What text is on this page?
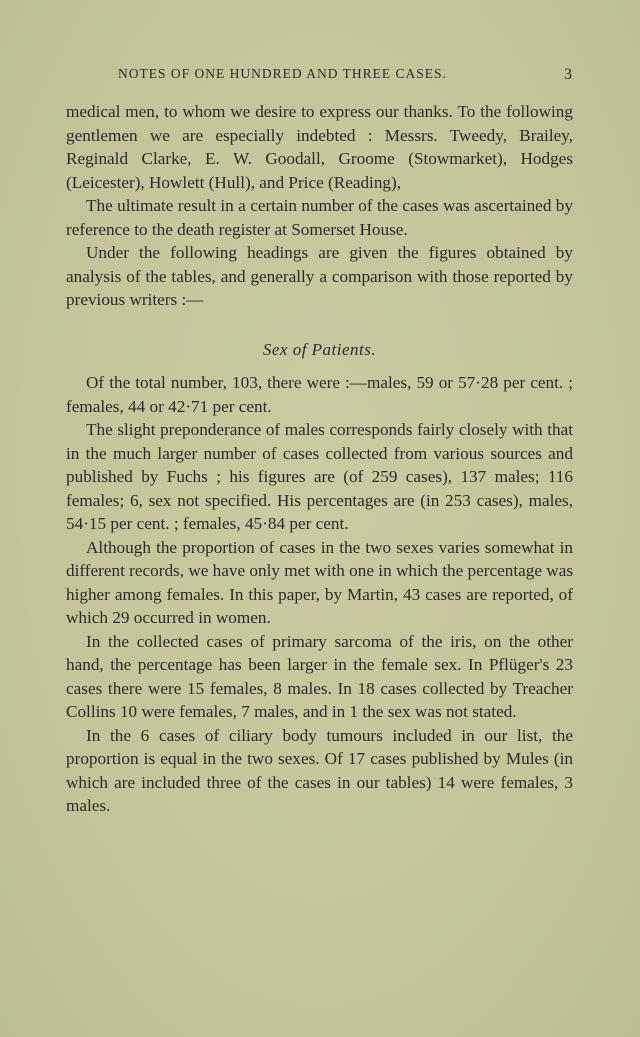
NOTES OF ONE HUNDRED AND THREE CASES.	3

medical men, to whom we desire to express our thanks. To the following gentlemen we are especially indebted : Messrs. Tweedy, Brailey, Reginald Clarke, E. W. Goodall, Groome (Stowmarket), Hodges (Leicester), Howlett (Hull), and Price (Reading),

The ultimate result in a certain number of the cases was ascertained by reference to the death register at Somerset House.

Under the following headings are given the figures obtained by analysis of the tables, and generally a comparison with those reported by previous writers :—

Sex of Patients.

Of the total number, 103, there were :—males, 59 or 57·28 per cent. ; females, 44 or 42·71 per cent.

The slight preponderance of males corresponds fairly closely with that in the much larger number of cases collected from various sources and published by Fuchs ; his figures are (of 259 cases), 137 males; 116 females; 6, sex not specified. His percentages are (in 253 cases), males, 54·15 per cent. ; females, 45·84 per cent.

Although the proportion of cases in the two sexes varies somewhat in different records, we have only met with one in which the percentage was higher among females. In this paper, by Martin, 43 cases are reported, of which 29 occurred in women.

In the collected cases of primary sarcoma of the iris, on the other hand, the percentage has been larger in the female sex. In Pflüger's 23 cases there were 15 females, 8 males. In 18 cases collected by Treacher Collins 10 were females, 7 males, and in 1 the sex was not stated.

In the 6 cases of ciliary body tumours included in our list, the proportion is equal in the two sexes. Of 17 cases published by Mules (in which are included three of the cases in our tables) 14 were females, 3 males.
